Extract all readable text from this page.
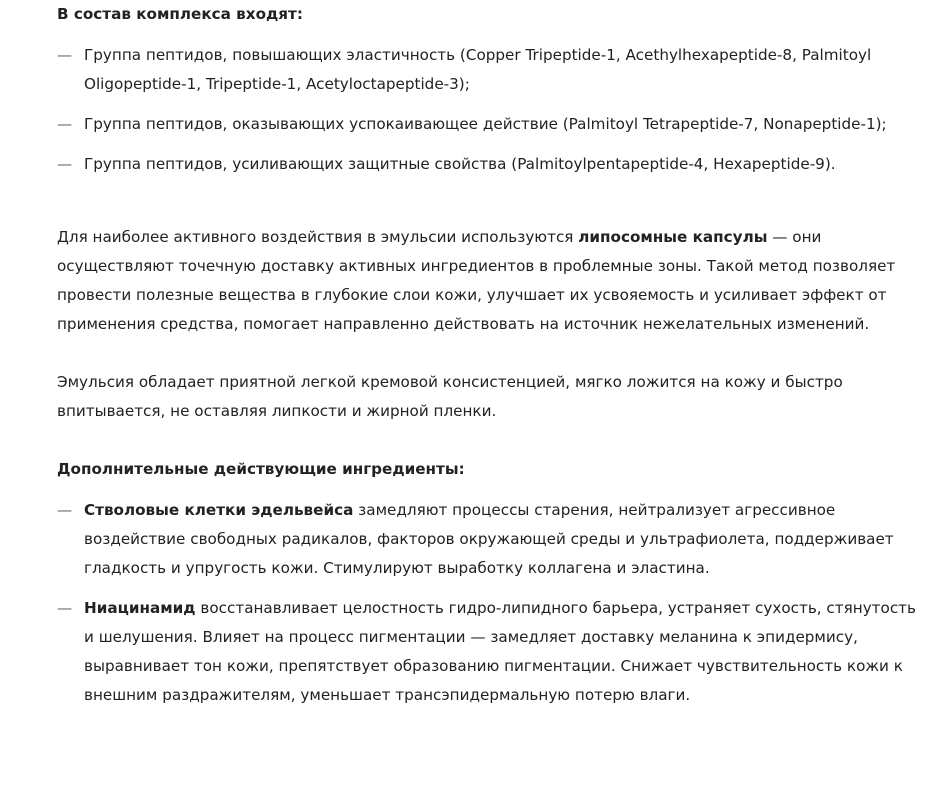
В состав комплекса входят:

— Группа пептидов, повышающих эластичность (Copper Tripeptide-1, Acethylhexapeptide-8, Palmitoyl Oligopeptide-1, Tripeptide-1, Acetyloctapeptide-3);
— Группа пептидов, оказывающих успокаивающее действие (Palmitoyl Tetrapeptide-7, Nonapeptide-1);
— Группа пептидов, усиливающих защитные свойства (Palmitoylpentapeptide-4, Hexapeptide-9).

Для наиболее активного воздействия в эмульсии используются липосомные капсулы — они осуществляют точечную доставку активных ингредиентов в проблемные зоны. Такой метод позволяет провести полезные вещества в глубокие слои кожи, улучшает их усвояемость и усиливает эффект от применения средства, помогает направленно действовать на источник нежелательных изменений.

Эмульсия обладает приятной легкой кремовой консистенцией, мягко ложится на кожу и быстро впитывается, не оставляя липкости и жирной пленки.

Дополнительные действующие ингредиенты:

— Стволовые клетки эдельвейса замедляют процессы старения, нейтрализует агрессивное воздействие свободных радикалов, факторов окружающей среды и ультрафиолета, поддерживает гладкость и упругость кожи. Стимулируют выработку коллагена и эластина.
— Ниацинамид восстанавливает целостность гидро-липидного барьера, устраняет сухость, стянутость и шелушения. Влияет на процесс пигментации — замедляет доставку меланина к эпидермису, выравнивает тон кожи, препятствует образованию пигментации. Снижает чувствительность кожи к внешним раздражителям, уменьшает трансэпидермальную потерю влаги.
